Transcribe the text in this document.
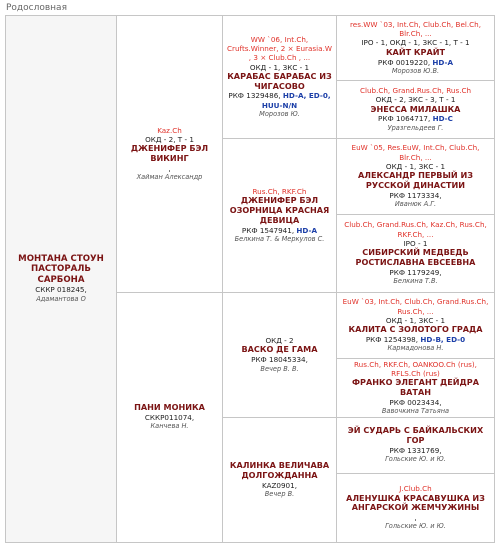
Родословная
МОНТАНА СТОУН ПАСТОРАЛЬ САРБОНА
СККР 018245,
Адамантова О
Kaz.Ch
ОКД - 2, Т - 1
ДЖЕНИФЕР БЭЛ ВИКИНГ
,
Хайман Александр
ПАНИ МОНИКА
СККР011074,
Канчева Н.
WW `06, Int.Ch, Crufts.Winner, 2 × Eurasia.W , 3 × Club.Ch , ...
ОКД - 1, ЗКС - 1
КАРАБАС БАРАБАС ИЗ ЧИГАСОВО
РКФ 1329486, HD-A, ED-0, HUU-N/N
Морозов Ю.
Rus.Ch, RKF.Ch
ДЖЕНИФЕР БЭЛ ОЗОРНИЦА КРАСНАЯ ДЕВИЦА
РКФ 1547941, HD-A
Белкина Т. & Меркулов С.
ОКД - 2
ВАСКО ДЕ ГАМА
РКФ 18045334,
Вечер В. В.
КАЛИНКА ВЕЛИЧАВА ДОЛГОЖДАННА
KAZ0901,
Вечер В.
res.WW `03, Int.Ch, Club.Ch, Bel.Ch, Blr.Ch, ...
IPO - 1, ОКД - 1, ЗКС - 1, Т - 1
КАЙТ КРАЙТ
РКФ 0019220, HD-A
Морозов Ю.В.
Club.Ch, Grand.Rus.Ch, Rus.Ch
ОКД - 2, ЗКС - 3, Т - 1
ЭНЕССА МИЛАШКА
РКФ 1064717, HD-C
Уразгельдеев Г.
EuW `05, Res.EuW, Int.Ch, Club.Ch, Blr.Ch, ...
ОКД - 1, ЗКС - 1
АЛЕКСАНДР ПЕРВЫЙ ИЗ РУССКОЙ ДИНАСТИИ
РКФ 1173334,
Иванюк А.Г.
Club.Ch, Grand.Rus.Ch, Kaz.Ch, Rus.Ch, RKF.Ch, ...
IPO - 1
СИБИРСКИЙ МЕДВЕДЬ РОСТИСЛАВНА ЕВСЕЕВНА
РКФ 1179249,
Белкина Т.В.
EuW `03, Int.Ch, Club.Ch, Grand.Rus.Ch, Rus.Ch, ...
ОКД - 1, ЗКС - 1
КАЛИТА С ЗОЛОТОГО ГРАДА
РКФ 1254398, HD-B, ED-0
Кармадонова Н.
Rus.Ch, RKF.Ch, OANKOO.Ch (rus), RFLS.Ch (rus)
ФРАНКО ЭЛЕГАНТ ДЕЙДРА ВАТАН
РКФ 0023434,
Вавочкина Татьяна
ЭЙ СУДАРЬ С БАЙКАЛЬСКИХ ГОР
РКФ 1331769,
Гольские Ю. и Ю.
J.Club.Ch
АЛЕНУШКА КРАСАВУШКА ИЗ АНГАРСКОЙ ЖЕМЧУЖИНЫ
,
Гольские Ю. и Ю.
